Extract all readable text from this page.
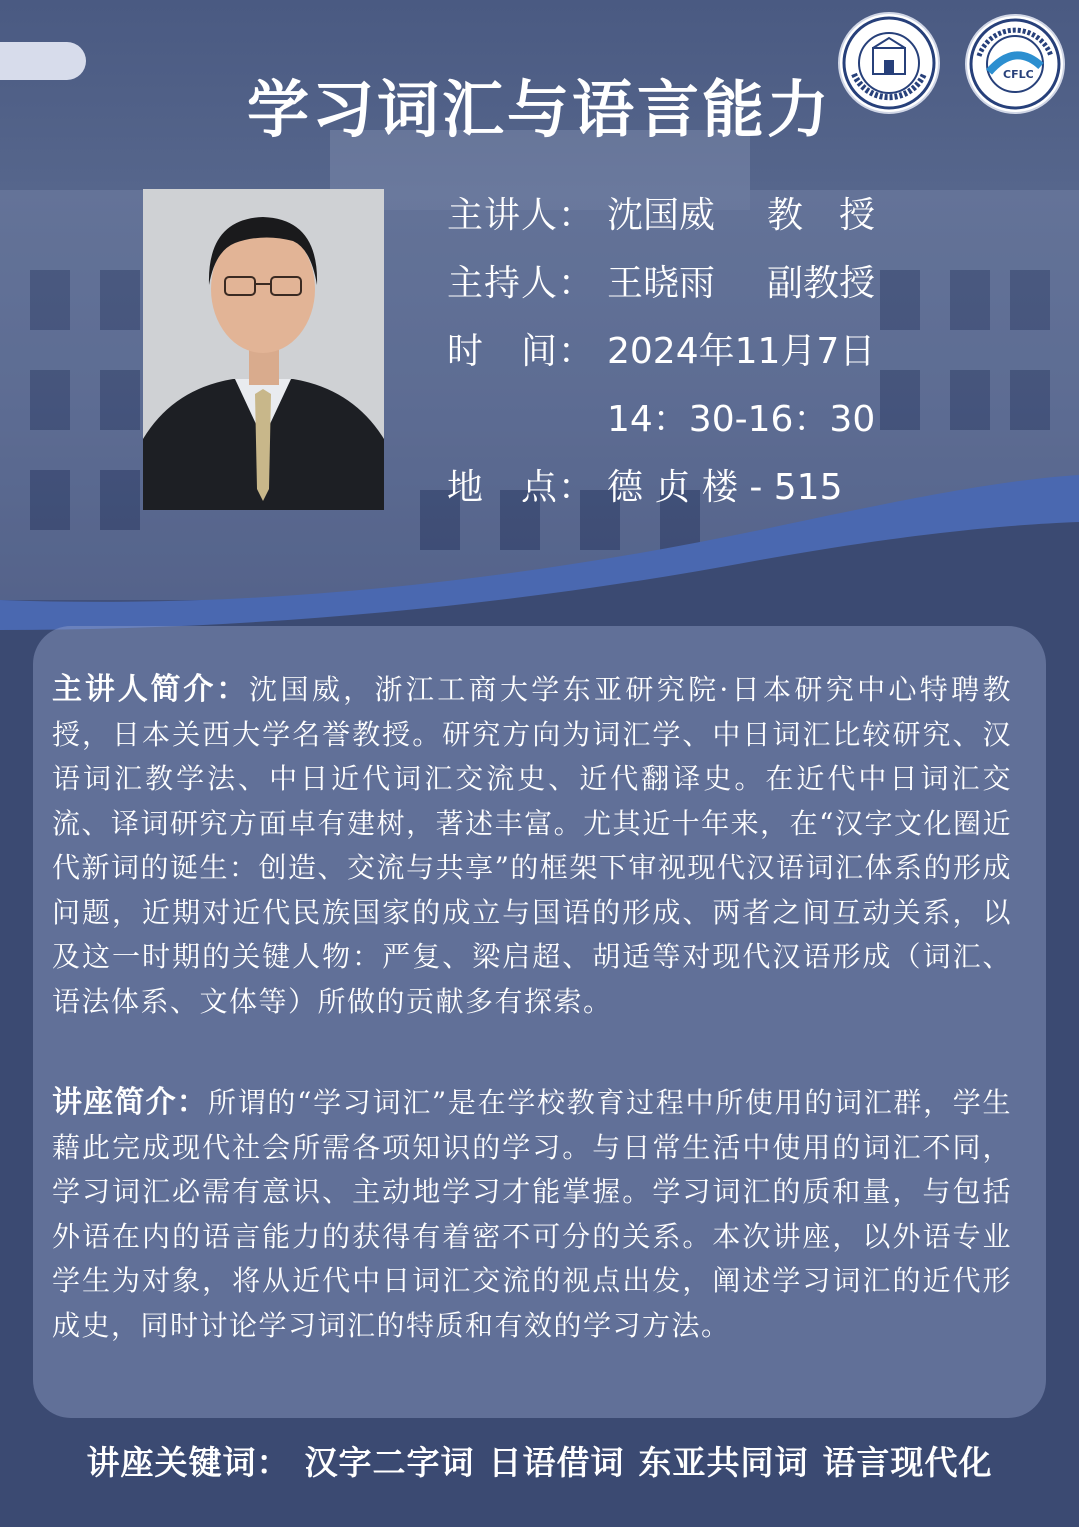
学习词汇与语言能力	CFLC
主讲人： 沈国威 教　授
主持人： 王晓雨 副教授
时　间： 2024年11月7日
14：30-16：30
地　点： 德 贞 楼 - 515
主讲人简介：沈国威，浙江工商大学东亚研究院·日本研究中心特聘教授，日本关西大学名誉教授。研究方向为词汇学、中日词汇比较研究、汉语词汇教学法、中日近代词汇交流史、近代翻译史。在近代中日词汇交流、译词研究方面卓有建树，著述丰富。尤其近十年来，在“汉字文化圈近代新词的诞生：创造、交流与共享”的框架下审视现代汉语词汇体系的形成问题，近期对近代民族国家的成立与国语的形成、两者之间互动关系，以及这一时期的关键人物：严复、梁启超、胡适等对现代汉语形成（词汇、语法体系、文体等）所做的贡献多有探索。
讲座简介：所谓的“学习词汇”是在学校教育过程中所使用的词汇群，学生藉此完成现代社会所需各项知识的学习。与日常生活中使用的词汇不同，学习词汇必需有意识、主动地学习才能掌握。学习词汇的质和量，与包括外语在内的语言能力的获得有着密不可分的关系。本次讲座，以外语专业学生为对象，将从近代中日词汇交流的视点出发，阐述学习词汇的近代形成史，同时讨论学习词汇的特质和有效的学习方法。
讲座关键词： 汉字二字词 日语借词 东亚共同词 语言现代化
